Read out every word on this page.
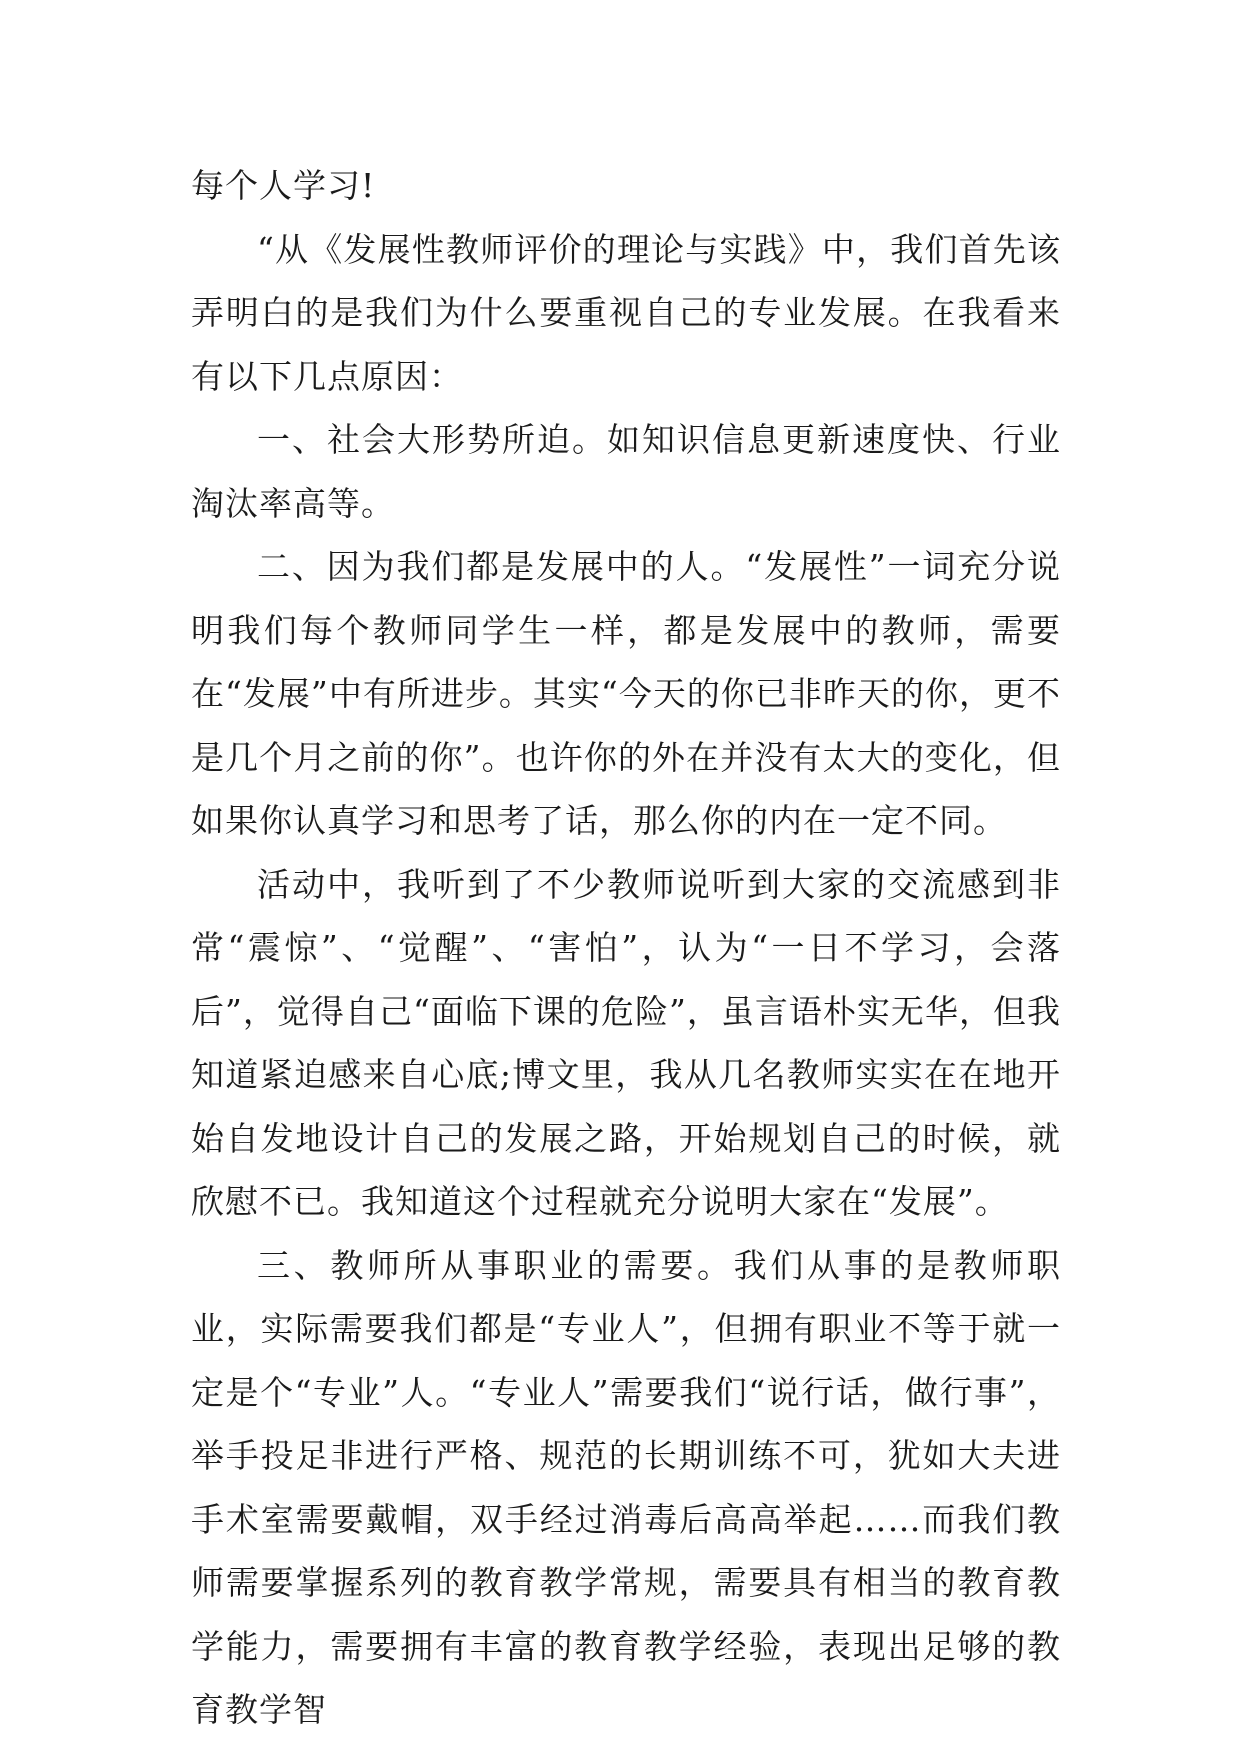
每个人学习!

“从《发展性教师评价的理论与实践》中，我们首先该弄明白的是我们为什么要重视自己的专业发展。在我看来有以下几点原因：

一、社会大形势所迫。如知识信息更新速度快、行业淘汰率高等。

二、因为我们都是发展中的人。“发展性”一词充分说明我们每个教师同学生一样，都是发展中的教师，需要在“发展”中有所进步。其实“今天的你已非昨天的你，更不是几个月之前的你”。也许你的外在并没有太大的变化，但如果你认真学习和思考了话，那么你的内在一定不同。

活动中，我听到了不少教师说听到大家的交流感到非常“震惊”、“觉醒”、“害怕”，认为“一日不学习，会落后”，觉得自己“面临下课的危险”，虽言语朴实无华，但我知道紧迫感来自心底;博文里，我从几名教师实实在在地开始自发地设计自己的发展之路，开始规划自己的时候，就欣慰不已。我知道这个过程就充分说明大家在“发展”。

三、教师所从事职业的需要。我们从事的是教师职业，实际需要我们都是“专业人”，但拥有职业不等于就一定是个“专业”人。“专业人”需要我们“说行话，做行事”，举手投足非进行严格、规范的长期训练不可，犹如大夫进手术室需要戴帽，双手经过消毒后高高举起……而我们教师需要掌握系列的教育教学常规，需要具有相当的教育教学能力，需要拥有丰富的教育教学经验，表现出足够的教育教学智
